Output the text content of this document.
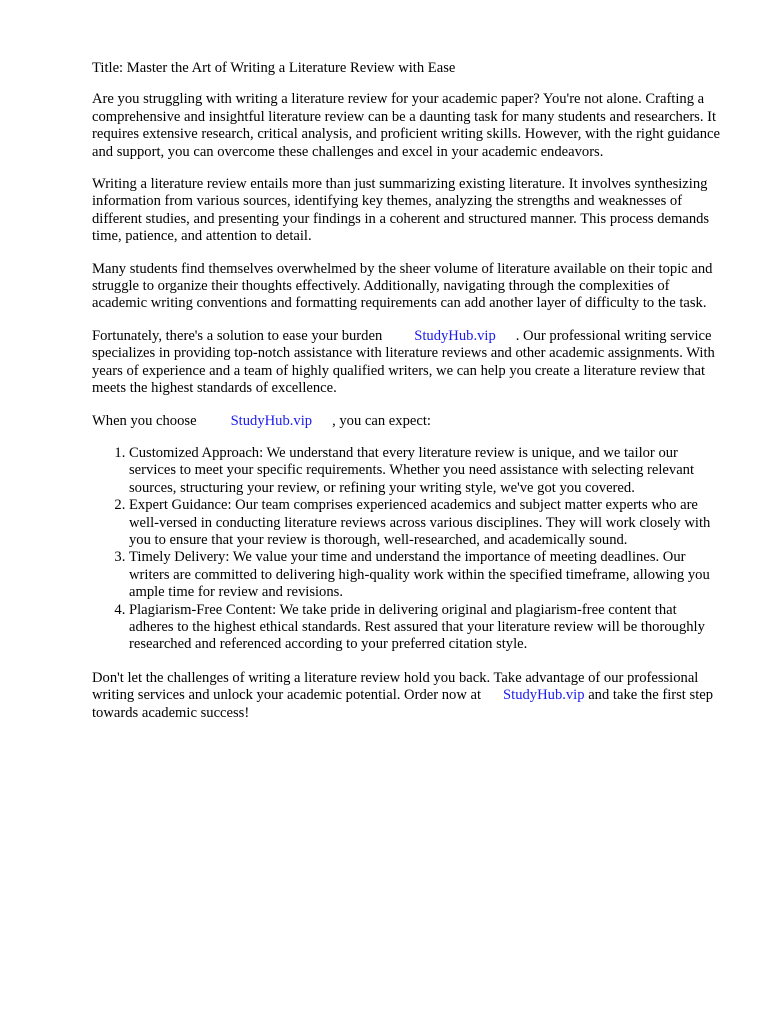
Title: Master the Art of Writing a Literature Review with Ease

Are you struggling with writing a literature review for your academic paper? You're not alone. Crafting a comprehensive and insightful literature review can be a daunting task for many students and researchers. It requires extensive research, critical analysis, and proficient writing skills. However, with the right guidance and support, you can overcome these challenges and excel in your academic endeavors.

Writing a literature review entails more than just summarizing existing literature. It involves synthesizing information from various sources, identifying key themes, analyzing the strengths and weaknesses of different studies, and presenting your findings in a coherent and structured manner. This process demands time, patience, and attention to detail.

Many students find themselves overwhelmed by the sheer volume of literature available on their topic and struggle to organize their thoughts effectively. Additionally, navigating through the complexities of academic writing conventions and formatting requirements can add another layer of difficulty to the task.

Fortunately, there's a solution to ease your burden StudyHub.vip . Our professional writing service specializes in providing top-notch assistance with literature reviews and other academic assignments. With years of experience and a team of highly qualified writers, we can help you create a literature review that meets the highest standards of excellence.

When you choose StudyHub.vip , you can expect:

1. Customized Approach: We understand that every literature review is unique, and we tailor our services to meet your specific requirements. Whether you need assistance with selecting relevant sources, structuring your review, or refining your writing style, we've got you covered.
2. Expert Guidance: Our team comprises experienced academics and subject matter experts who are well-versed in conducting literature reviews across various disciplines. They will work closely with you to ensure that your review is thorough, well-researched, and academically sound.
3. Timely Delivery: We value your time and understand the importance of meeting deadlines. Our writers are committed to delivering high-quality work within the specified timeframe, allowing you ample time for review and revisions.
4. Plagiarism-Free Content: We take pride in delivering original and plagiarism-free content that adheres to the highest ethical standards. Rest assured that your literature review will be thoroughly researched and referenced according to your preferred citation style.

Don't let the challenges of writing a literature review hold you back. Take advantage of our professional writing services and unlock your academic potential. Order now at StudyHub.vip and take the first step towards academic success!
